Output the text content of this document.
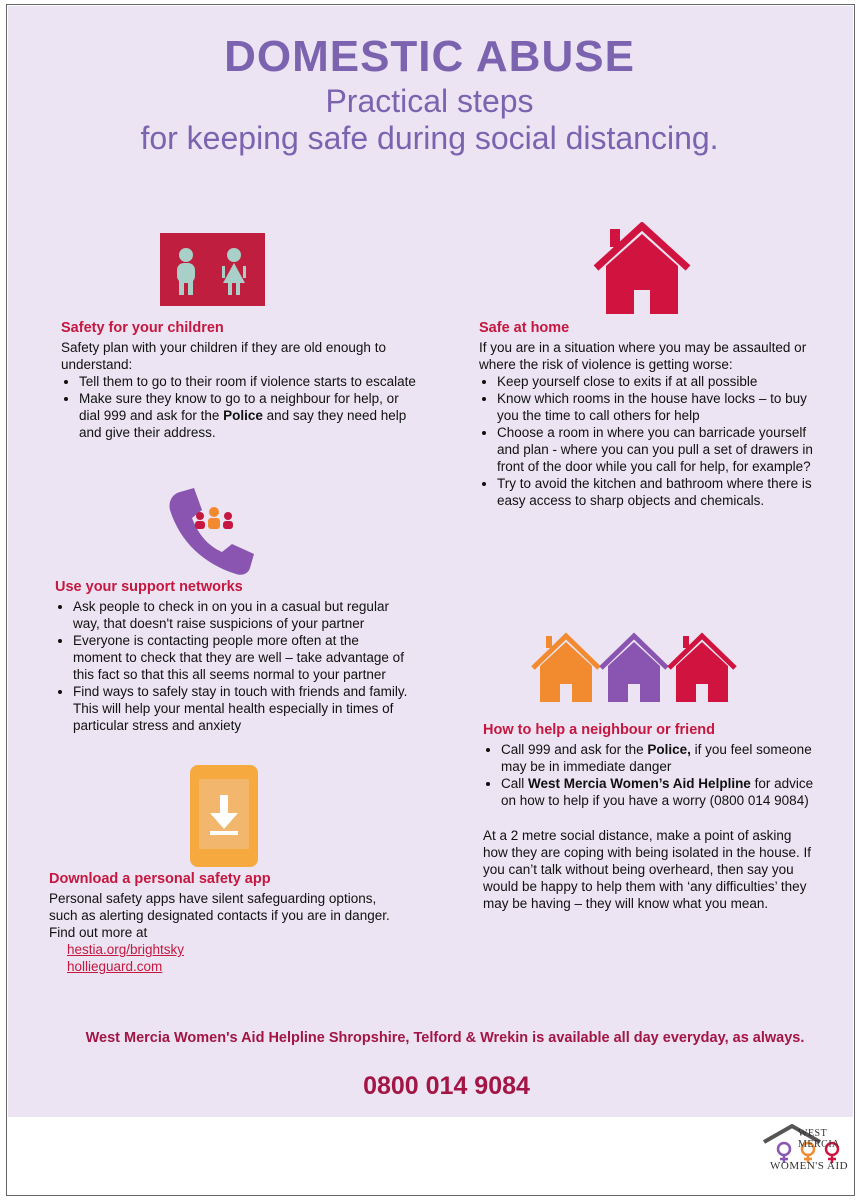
DOMESTIC ABUSE
Practical steps
for keeping safe during social distancing.
Safety for your children

Safety plan with your children if they are old enough to understand:

• Tell them to go to their room if violence starts to escalate
• Make sure they know to go to a neighbour for help, or dial 999 and ask for the Police and say they need help and give their address.
Safe at home

If you are in a situation where you may be assaulted or where the risk of violence is getting worse:

• Keep yourself close to exits if at all possible
• Know which rooms in the house have locks – to buy you the time to call others for help
• Choose a room in where you can barricade yourself and plan - where you can you pull a set of drawers in front of the door while you call for help, for example?
• Try to avoid the kitchen and bathroom where there is easy access to sharp objects and chemicals.
Use your support networks
• Ask people to check in on you in a casual but regular way, that doesn't raise suspicions of your partner
• Everyone is contacting people more often at the moment to check that they are well – take advantage of this fact so that this all seems normal to your partner
• Find ways to safely stay in touch with friends and family. This will help your mental health especially in times of particular stress and anxiety	How to help a neighbour or friend
• Call 999 and ask for the Police, if you feel someone may be in immediate danger
• Call West Mercia Women’s Aid Helpline for advice on how to help if you have a worry (0800 014 9084)

At a 2 metre social distance, make a point of asking how they are coping with being isolated in the house. If you can’t talk without being overheard, then say you would be happy to help them with ‘any difficulties’ they may be having – they will know what you mean.

Download a personal safety app

Personal safety apps have silent safeguarding options, such as alerting designated contacts if you are in danger. Find out more at

hestia.org/brightsky
hollieguard.com
West Mercia Women's Aid Helpline Shropshire, Telford & Wrekin is available all day everyday, as always.
0800 014 9084
WEST MERCIA
WOMEN'S AID
